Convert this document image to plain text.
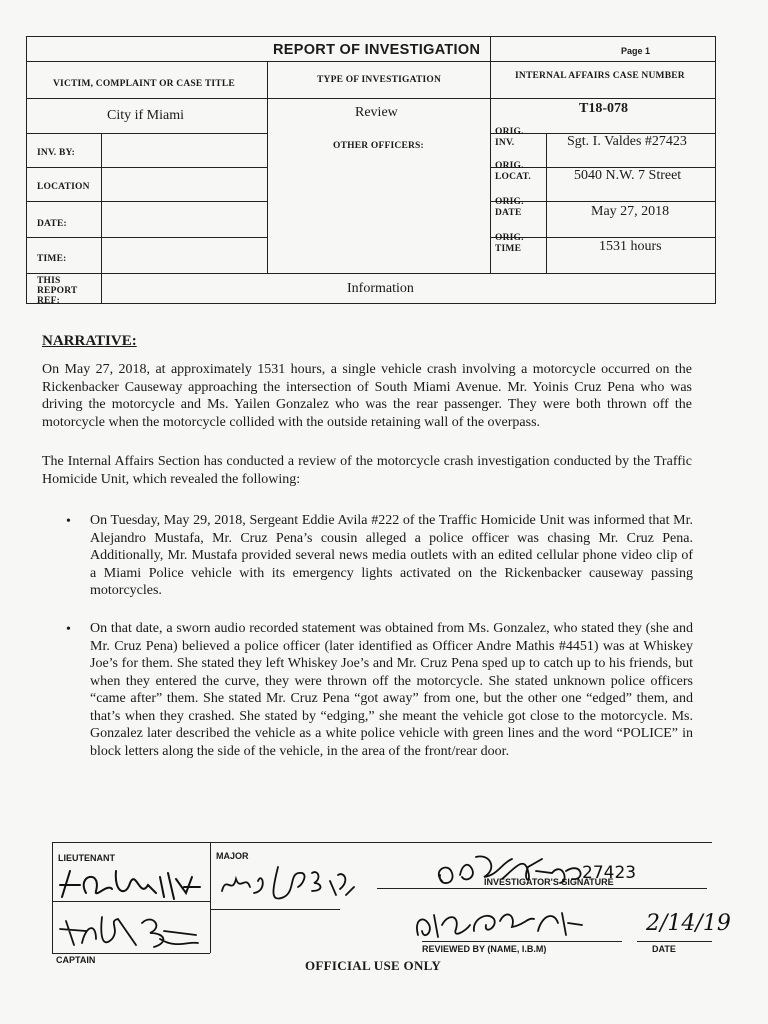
REPORT OF INVESTIGATION	Page 1
VICTIM, COMPLAINT OR CASE TITLE	TYPE OF INVESTIGATION	INTERNAL AFFAIRS CASE NUMBER
City if Miami	Review	T18-078
INV. BY:
LOCATION
DATE:
TIME:
OTHER OFFICERS:
ORIG. INV.	Sgt. I. Valdes #27423
ORIG. LOCAT.	5040 N.W. 7 Street
ORIG. DATE	May 27, 2018
ORIG. TIME	1531 hours
THIS REPORT REF:
Information
NARRATIVE:
On May 27, 2018, at approximately 1531 hours, a single vehicle crash involving a motorcycle occurred on the Rickenbacker Causeway approaching the intersection of South Miami Avenue. Mr. Yoinis Cruz Pena who was driving the motorcycle and Ms. Yailen Gonzalez who was the rear passenger. They were both thrown off the motorcycle when the motorcycle collided with the outside retaining wall of the overpass.
The Internal Affairs Section has conducted a review of the motorcycle crash investigation conducted by the Traffic Homicide Unit, which revealed the following:
• On Tuesday, May 29, 2018, Sergeant Eddie Avila #222 of the Traffic Homicide Unit was informed that Mr. Alejandro Mustafa, Mr. Cruz Pena’s cousin alleged a police officer was chasing Mr. Cruz Pena. Additionally, Mr. Mustafa provided several news media outlets with an edited cellular phone video clip of a Miami Police vehicle with its emergency lights activated on the Rickenbacker causeway passing motorcycles.
• On that date, a sworn audio recorded statement was obtained from Ms. Gonzalez, who stated they (she and Mr. Cruz Pena) believed a police officer (later identified as Officer Andre Mathis #4451) was at Whiskey Joe’s for them. She stated they left Whiskey Joe’s and Mr. Cruz Pena sped up to catch up to his friends, but when they entered the curve, they were thrown off the motorcycle. She stated unknown police officers “came after” them. She stated Mr. Cruz Pena “got away” from one, but the other one “edged” them, and that’s when they crashed. She stated by “edging,” she meant the vehicle got close to the motorcycle. Ms. Gonzalez later described the vehicle as a white police vehicle with green lines and the word “POLICE” in block letters along the side of the vehicle, in the area of the front/rear door.
LIEUTENANT	MAJOR
CAPTAIN
INVESTIGATOR'S SIGNATURE
27423
REVIEWED BY (NAME, I.B.M)	DATE
2/14/19
OFFICIAL USE ONLY
